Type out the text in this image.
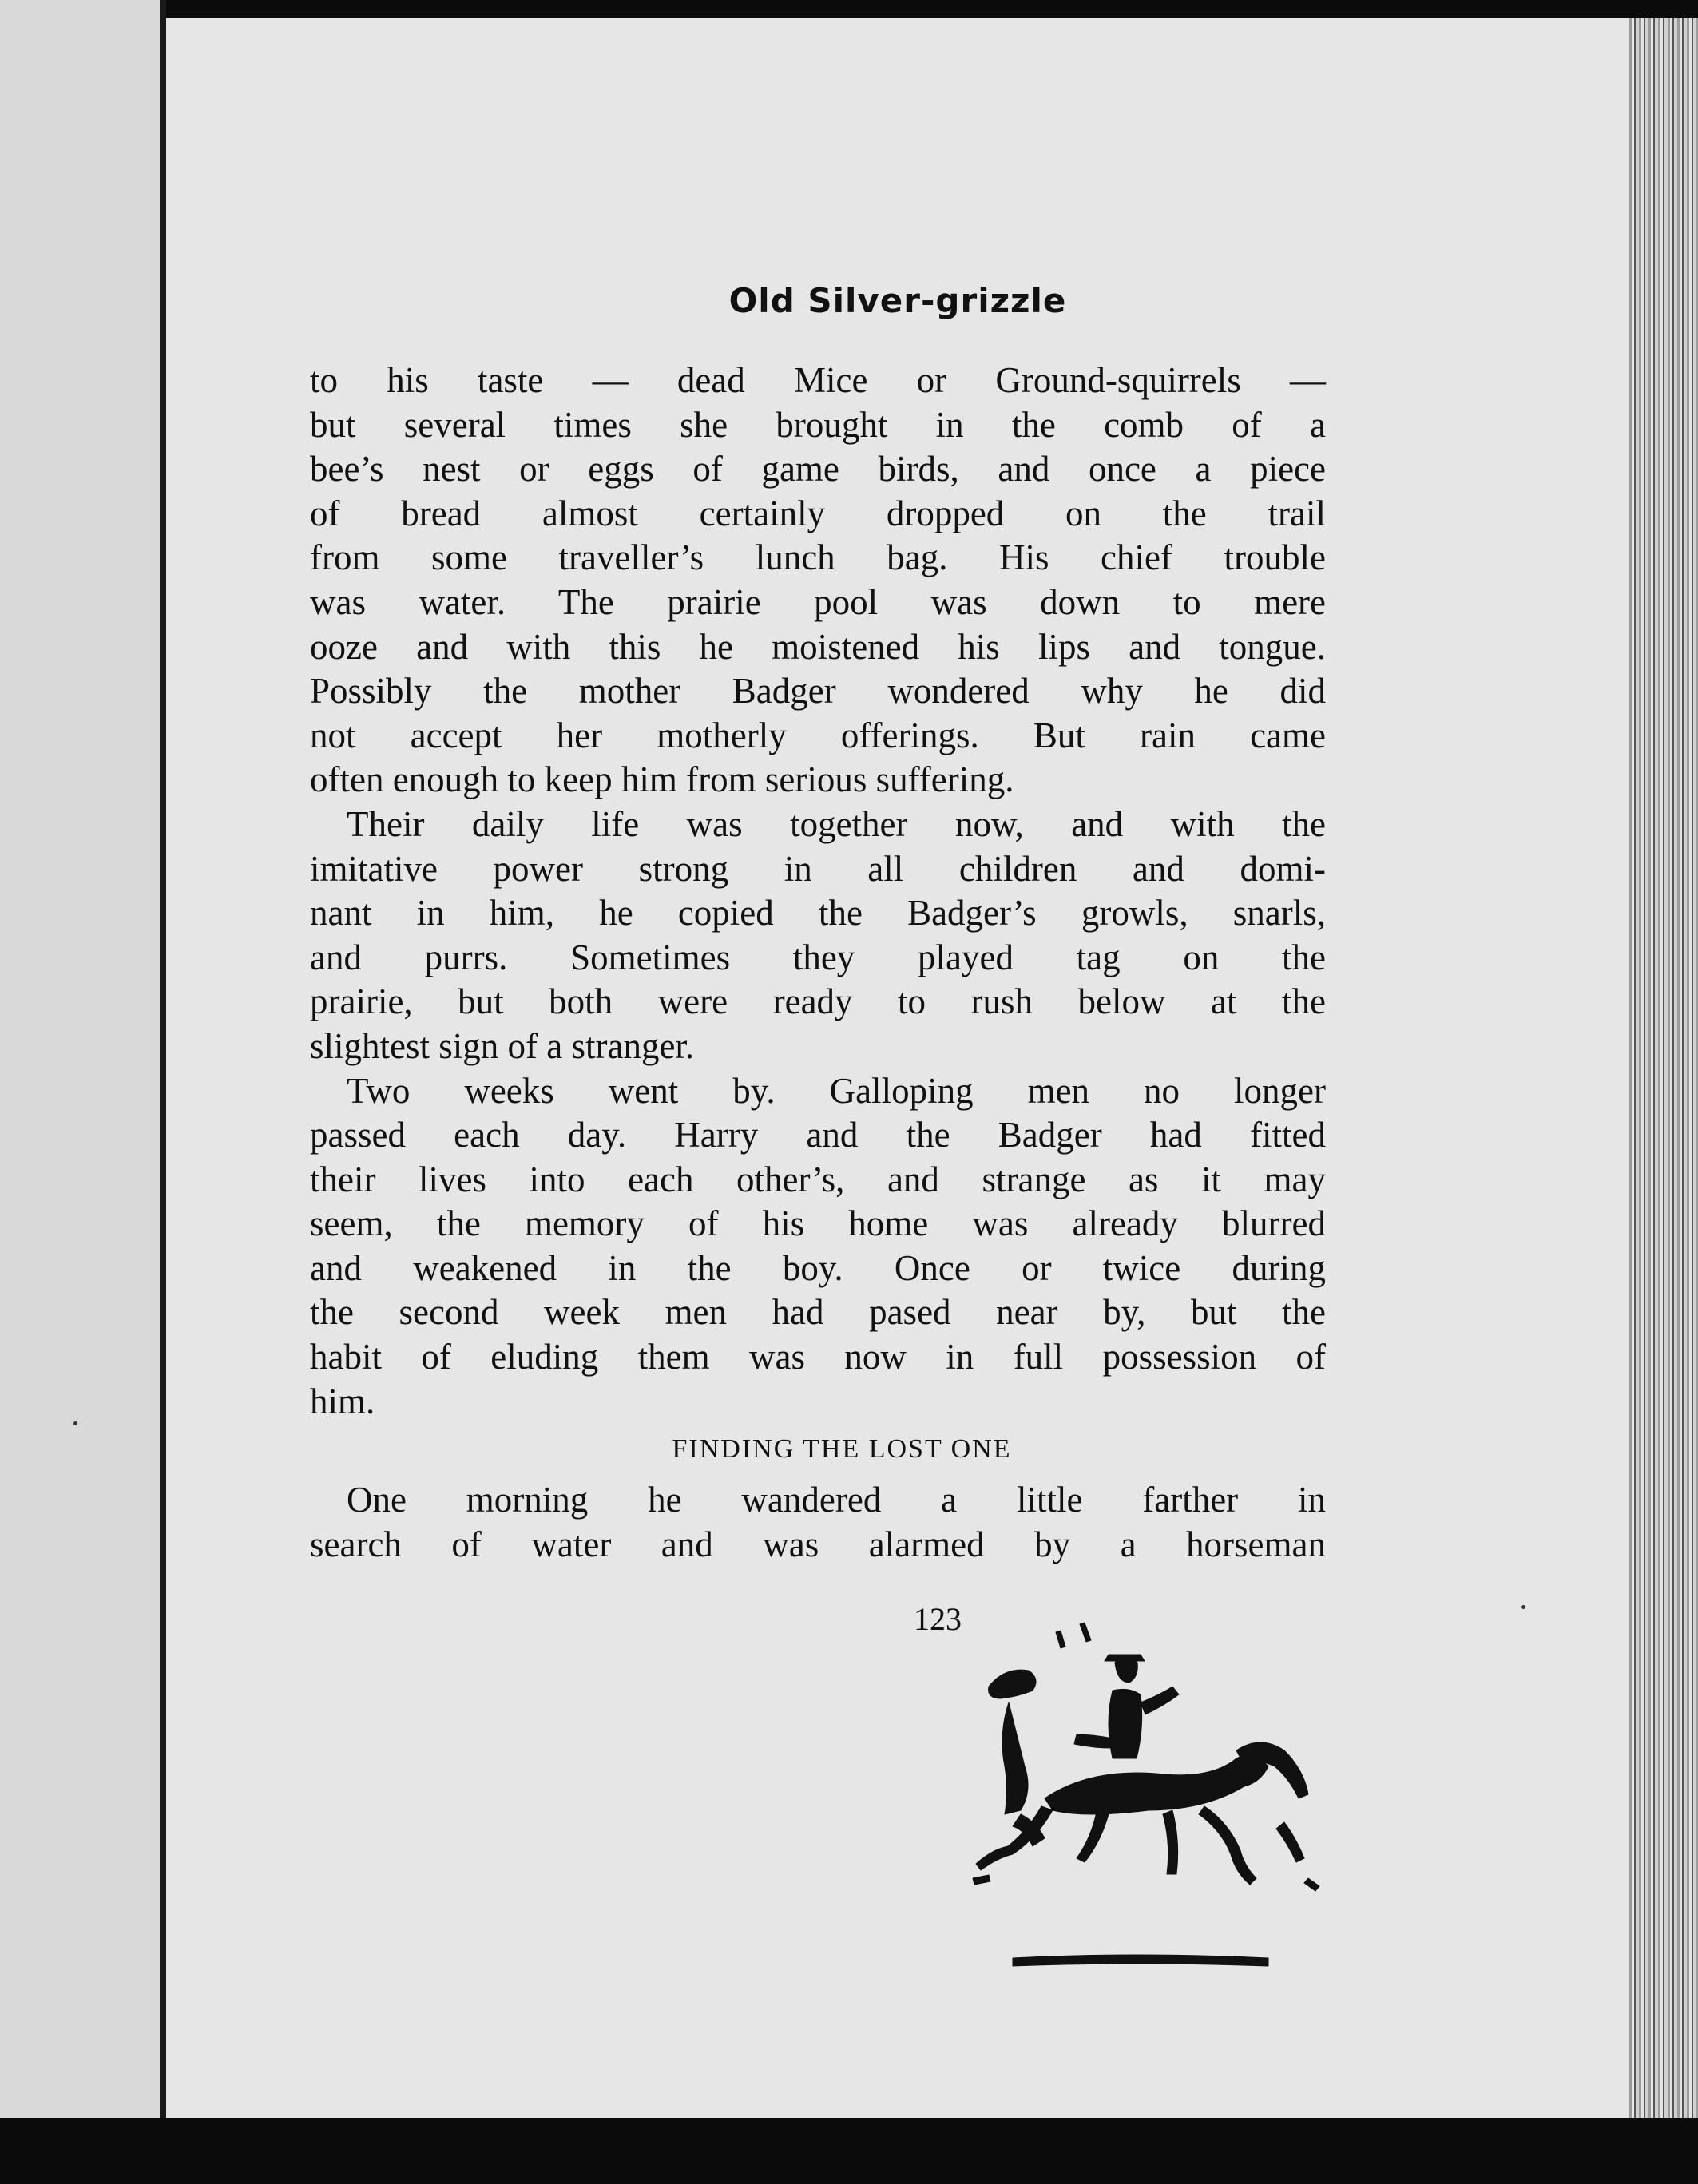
Old Silver-grizzle
to his taste — dead Mice or Ground-squirrels —
but several times she brought in the comb of a
bee’s nest or eggs of game birds, and once a piece
of bread almost certainly dropped on the trail
from some traveller’s lunch bag. His chief trouble
was water. The prairie pool was down to mere
ooze and with this he moistened his lips and tongue.
Possibly the mother Badger wondered why he did
not accept her motherly offerings. But rain came
often enough to keep him from serious suffering.
Their daily life was together now, and with the
imitative power strong in all children and domi-
nant in him, he copied the Badger’s growls, snarls,
and purrs. Sometimes they played tag on the
prairie, but both were ready to rush below at the
slightest sign of a stranger.
Two weeks went by. Galloping men no longer
passed each day. Harry and the Badger had fitted
their lives into each other’s, and strange as it may
seem, the memory of his home was already blurred
and weakened in the boy. Once or twice during
the second week men had pased near by, but the
habit of eluding them was now in full possession of
him.
FINDING THE LOST ONE
One morning he wandered a little farther in
search of water and was alarmed by a horseman
123
